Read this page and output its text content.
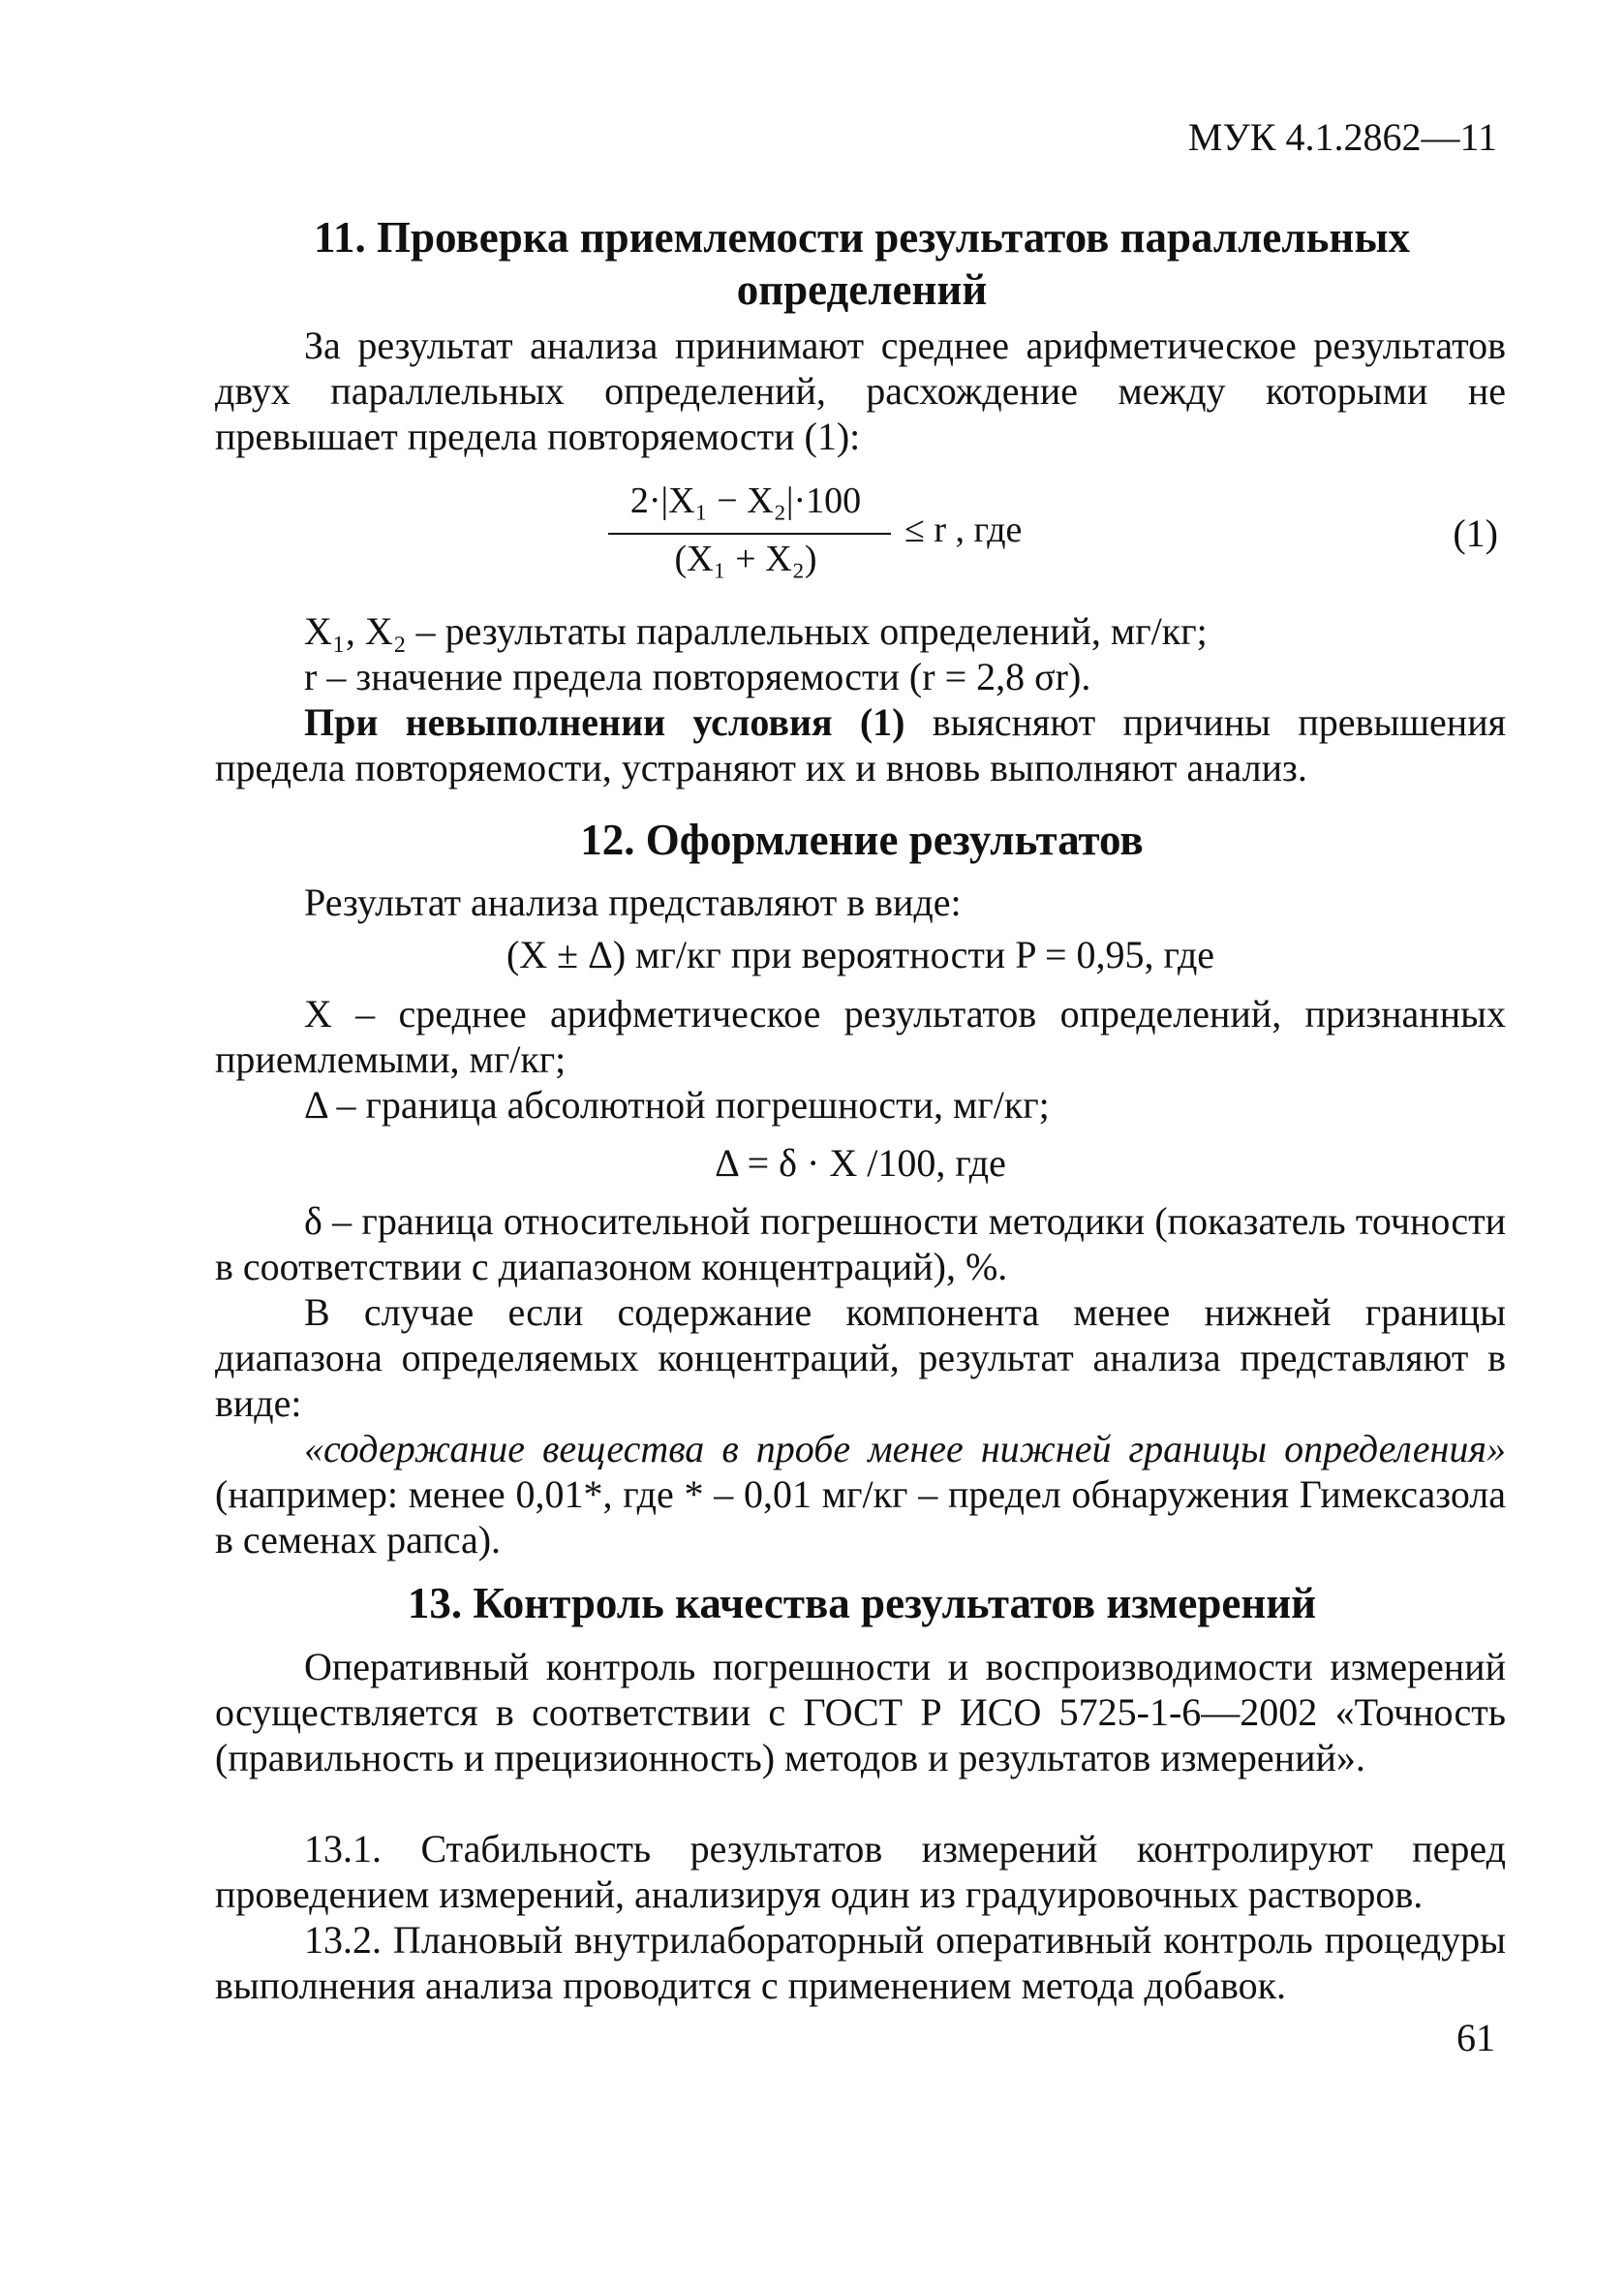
МУК 4.1.2862—11
11. Проверка приемлемости результатов параллельных
определений

За результат анализа принимают среднее арифметическое результатов двух параллельных определений, расхождение между которыми не превышает предела повторяемости (1):

2·|X₁ − X₂|·100
(X₁ + X₂)
≤ r , где	(1)

X₁, X₂ – результаты параллельных определений, мг/кг;

r – значение предела повторяемости (r = 2,8 σr).

При невыполнении условия (1) выясняют причины превышения предела повторяемости, устраняют их и вновь выполняют анализ.

12. Оформление результатов

Результат анализа представляют в виде:

(X ± Δ) мг/кг при вероятности P = 0,95, где

X – среднее арифметическое результатов определений, признанных приемлемыми, мг/кг;

Δ – граница абсолютной погрешности, мг/кг;

Δ = δ · X /100, где

δ – граница относительной погрешности методики (показатель точности в соответствии с диапазоном концентраций), %.

В случае если содержание компонента менее нижней границы диапазона определяемых концентраций, результат анализа представляют в виде:

«содержание вещества в пробе менее нижней границы определения» (например: менее 0,01*, где * – 0,01 мг/кг – предел обнаружения Гимексазола в семенах рапса).

13. Контроль качества результатов измерений

Оперативный контроль погрешности и воспроизводимости измерений осуществляется в соответствии с ГОСТ Р ИСО 5725-1-6—2002 «Точность (правильность и прецизионность) методов и результатов измерений».

13.1. Стабильность результатов измерений контролируют перед проведением измерений, анализируя один из градуировочных растворов.

13.2. Плановый внутрилабораторный оперативный контроль процедуры выполнения анализа проводится с применением метода добавок.

61
